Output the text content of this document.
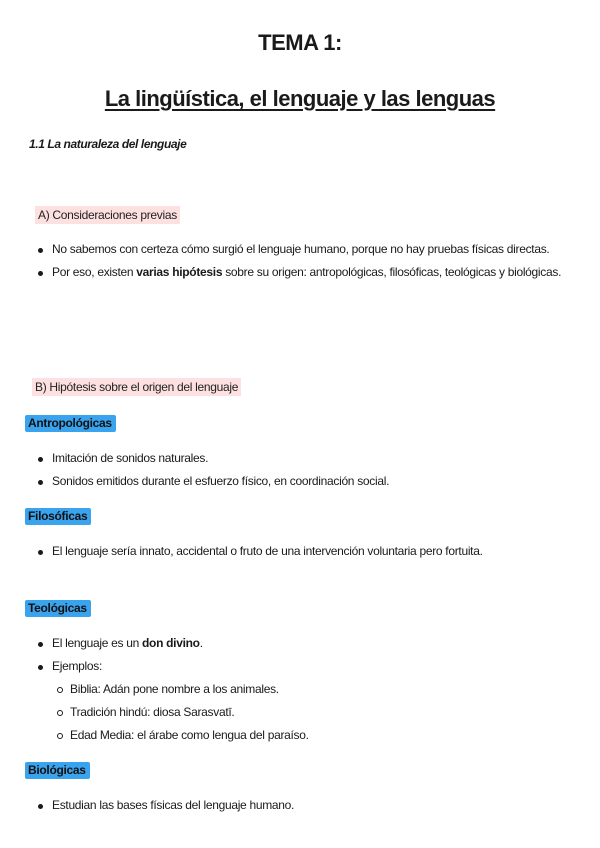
TEMA 1:
La lingüística, el lenguaje y las lenguas
1.1 La naturaleza del lenguaje
A) Consideraciones previas
No sabemos con certeza cómo surgió el lenguaje humano, porque no hay pruebas físicas directas.
Por eso, existen varias hipótesis sobre su origen: antropológicas, filosóficas, teológicas y biológicas.
B) Hipótesis sobre el origen del lenguaje
Antropológicas
Imitación de sonidos naturales.
Sonidos emitidos durante el esfuerzo físico, en coordinación social.
Filosóficas
El lenguaje sería innato, accidental o fruto de una intervención voluntaria pero fortuita.
Teológicas
El lenguaje es un don divino.
Ejemplos:
Biblia: Adán pone nombre a los animales.
Tradición hindú: diosa Sarasvatī.
Edad Media: el árabe como lengua del paraíso.
Biológicas
Estudian las bases físicas del lenguaje humano.
